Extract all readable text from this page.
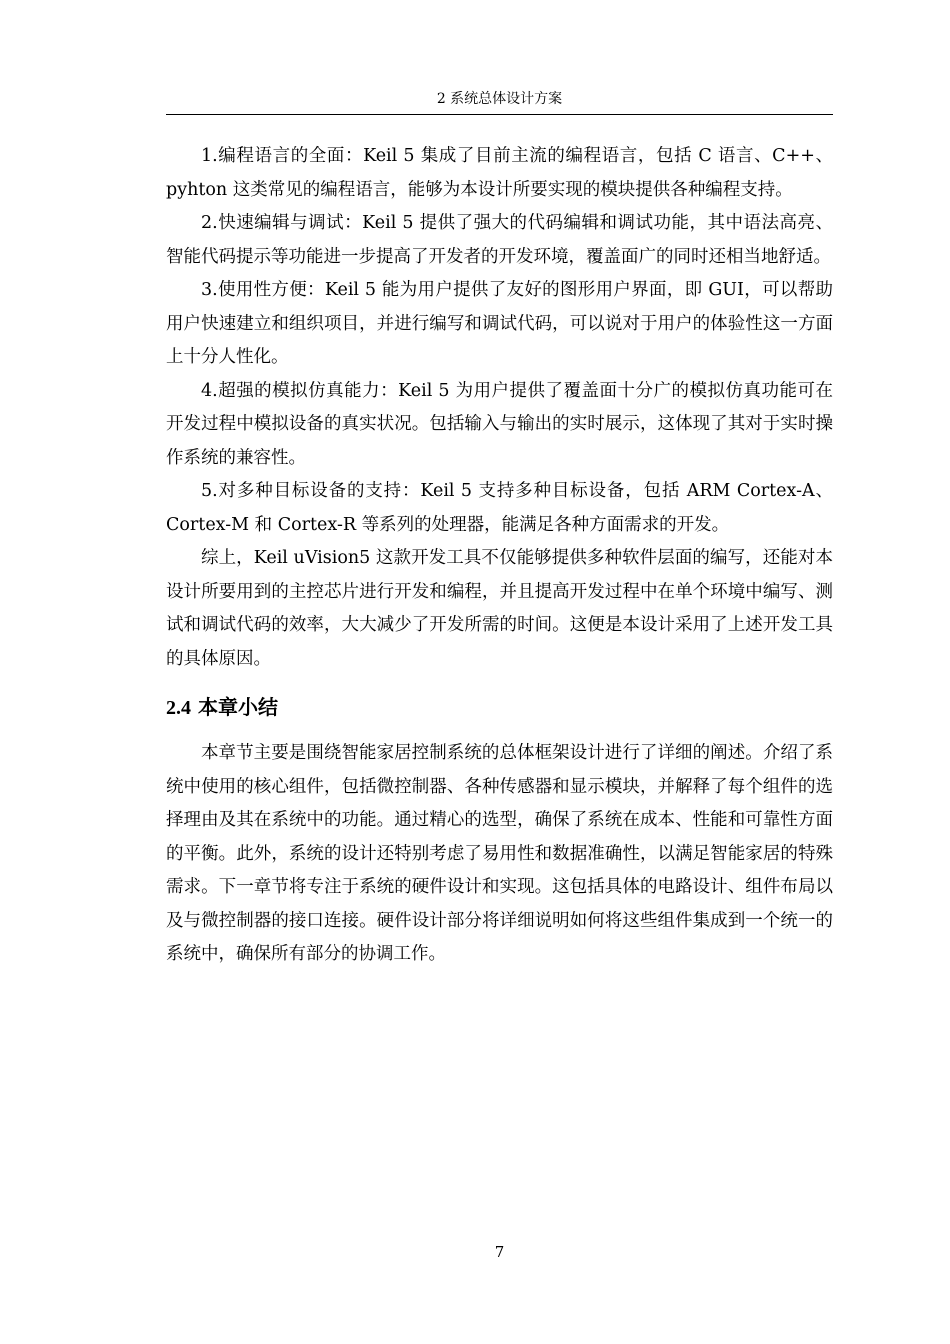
2 系统总体设计方案

1.编程语言的全面：Keil 5 集成了目前主流的编程语言，包括 C 语言、C++、pyhton 这类常见的编程语言，能够为本设计所要实现的模块提供各种编程支持。

2.快速编辑与调试：Keil 5 提供了强大的代码编辑和调试功能，其中语法高亮、智能代码提示等功能进一步提高了开发者的开发环境，覆盖面广的同时还相当地舒适。

3.使用性方便：Keil 5 能为用户提供了友好的图形用户界面，即 GUI，可以帮助用户快速建立和组织项目，并进行编写和调试代码，可以说对于用户的体验性这一方面上十分人性化。

4.超强的模拟仿真能力：Keil 5 为用户提供了覆盖面十分广的模拟仿真功能可在开发过程中模拟设备的真实状况。包括输入与输出的实时展示，这体现了其对于实时操作系统的兼容性。

5.对多种目标设备的支持：Keil 5 支持多种目标设备，包括 ARM Cortex-A、Cortex-M 和 Cortex-R 等系列的处理器，能满足各种方面需求的开发。

综上，Keil uVision5 这款开发工具不仅能够提供多种软件层面的编写，还能对本设计所要用到的主控芯片进行开发和编程，并且提高开发过程中在单个环境中编写、测试和调试代码的效率，大大减少了开发所需的时间。这便是本设计采用了上述开发工具的具体原因。

2.4 本章小结

本章节主要是围绕智能家居控制系统的总体框架设计进行了详细的阐述。介绍了系统中使用的核心组件，包括微控制器、各种传感器和显示模块，并解释了每个组件的选择理由及其在系统中的功能。通过精心的选型，确保了系统在成本、性能和可靠性方面的平衡。此外，系统的设计还特别考虑了易用性和数据准确性，以满足智能家居的特殊需求。下一章节将专注于系统的硬件设计和实现。这包括具体的电路设计、组件布局以及与微控制器的接口连接。硬件设计部分将详细说明如何将这些组件集成到一个统一的系统中，确保所有部分的协调工作。

7
